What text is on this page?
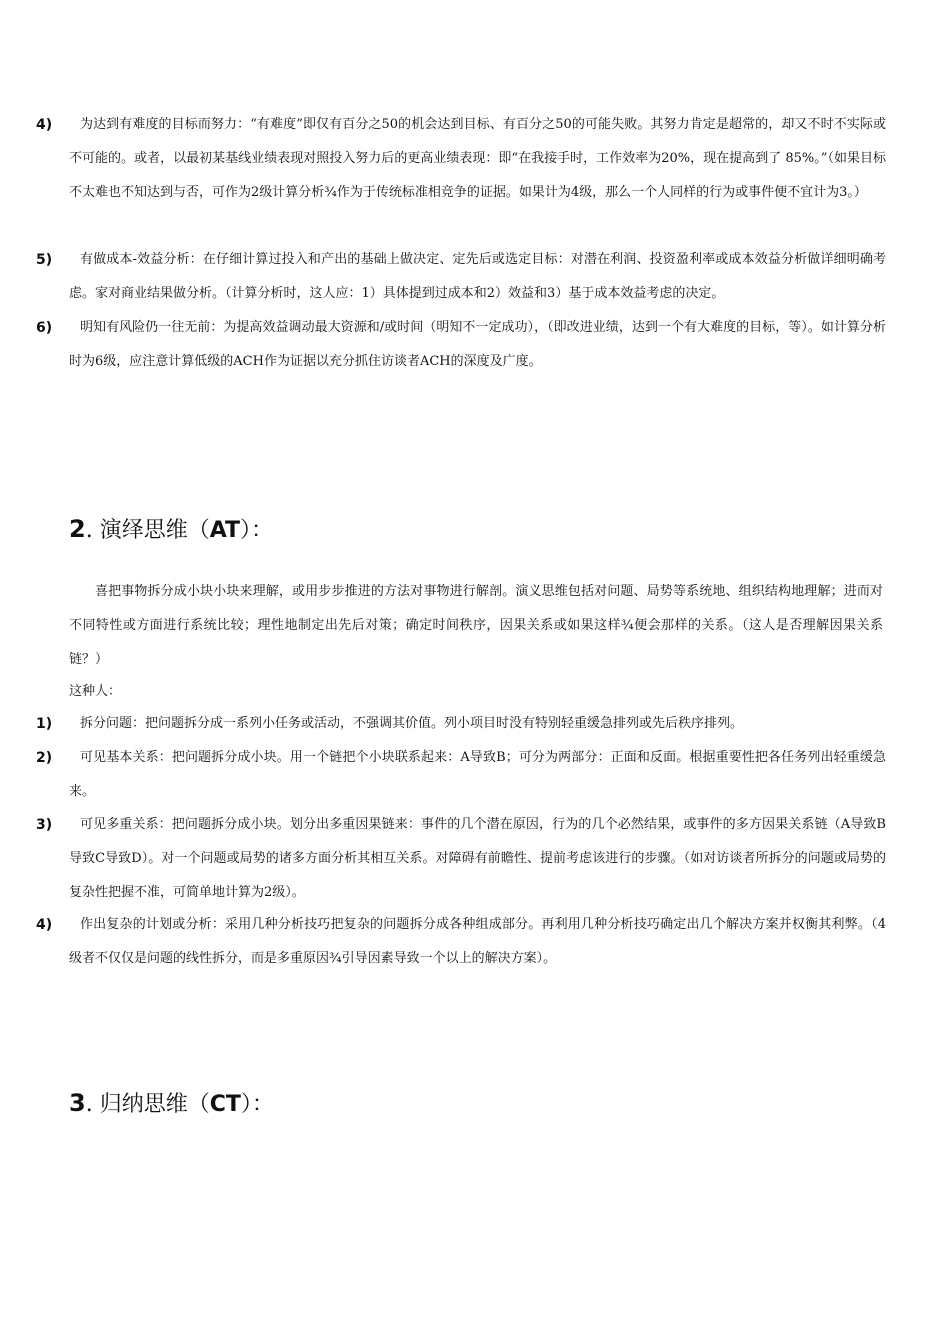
4)	为达到有难度的目标而努力：“有难度”即仅有百分之50的机会达到目标、有百分之50的可能失败。其努力肯定是超常的，却又不时不实际或不可能的。或者，以最初某基线业绩表现对照投入努力后的更高业绩表现：即“在我接手时，工作效率为20%，现在提高到了 85%。”（如果目标不太难也不知达到与否，可作为2级计算分析¾作为于传统标准相竞争的证据。如果计为4级，那么一个人同样的行为或事件便不宜计为3。）
5)	有做成本-效益分析：在仔细计算过投入和产出的基础上做决定、定先后或选定目标：对潜在利润、投资盈利率或成本效益分析做详细明确考虑。家对商业结果做分析。（计算分析时，这人应：1）具体提到过成本和2）效益和3）基于成本效益考虑的决定。
6)	明知有风险仍一往无前：为提高效益调动最大资源和/或时间（明知不一定成功），（即改进业绩，达到一个有大难度的目标，等）。如计算分析时为6级，应注意计算低级的ACH作为证据以充分抓住访谈者ACH的深度及广度。
2. 演绎思维（AT）：
喜把事物拆分成小块小块来理解，或用步步推进的方法对事物进行解剖。演义思维包括对问题、局势等系统地、组织结构地理解；进而对不同特性或方面进行系统比较；理性地制定出先后对策；确定时间秩序，因果关系或如果这样¾便会那样的关系。（这人是否理解因果关系链？）
这种人：
1)	拆分问题：把问题拆分成一系列小任务或活动，不强调其价值。列小项目时没有特别轻重缓急排列或先后秩序排列。
2)	可见基本关系：把问题拆分成小块。用一个链把个小块联系起来：A导致B；可分为两部分：正面和反面。根据重要性把各任务列出轻重缓急来。
3)	可见多重关系：把问题拆分成小块。划分出多重因果链来：事件的几个潜在原因，行为的几个必然结果，或事件的多方因果关系链（A导致B导致C导致D）。对一个问题或局势的诸多方面分析其相互关系。对障碍有前瞻性、提前考虑该进行的步骤。（如对访谈者所拆分的问题或局势的复杂性把握不准，可简单地计算为2级）。
4)	作出复杂的计划或分析：采用几种分析技巧把复杂的问题拆分成各种组成部分。再利用几种分析技巧确定出几个解决方案并权衡其利弊。（4级者不仅仅是问题的线性拆分，而是多重原因¾引导因素导致一个以上的解决方案）。
3. 归纳思维（CT）：
